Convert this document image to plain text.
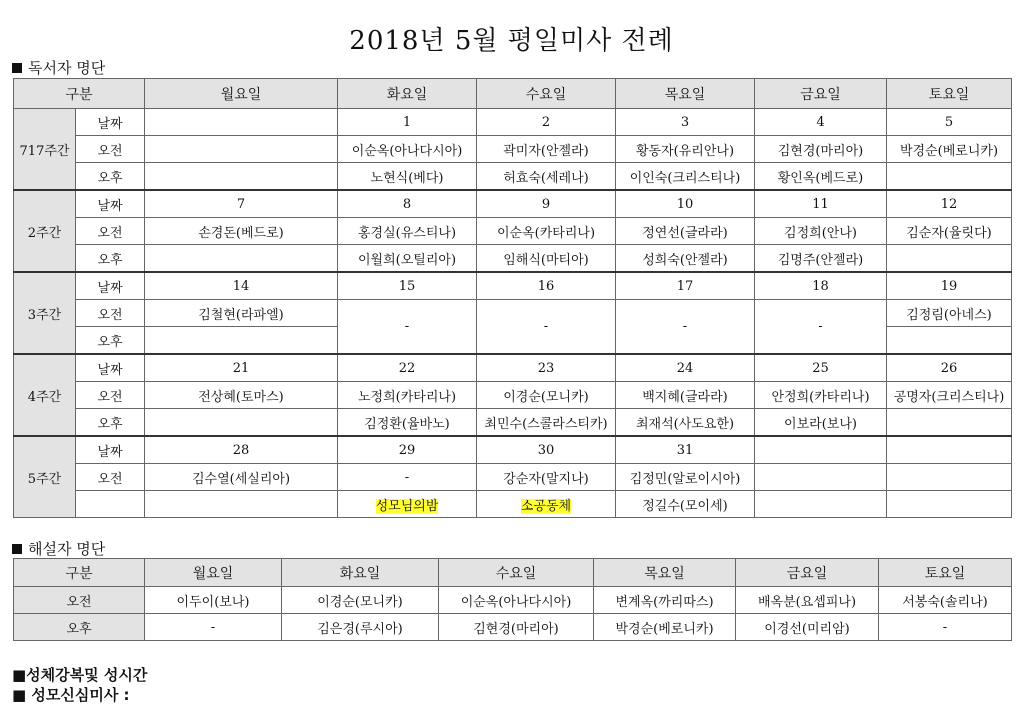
2018년 5월 평일미사 전례
독서자 명단
구분		월요일	화요일	수요일	목요일	금요일	토요일
717주간	날짜		1	2	3	4	5
	오전		이순옥(아나다시아)	곽미자(안젤라)	황동자(유리안나)	김현경(마리아)	박경순(베로니카)
	오후		노현식(베다)	허효숙(세레나)	이인숙(크리스티나)	황인옥(베드로)	
2주간	날짜	7	8	9	10	11	12
	오전	손경돈(베드로)	홍경실(유스티나)	이순옥(카타리나)	정연선(글라라)	김정희(안나)	김순자(율릿다)
	오후		이월희(오틸리아)	임해식(마티아)	성희숙(안젤라)	김명주(안젤라)	
3주간	날짜	14	15	16	17	18	19
	오전	김철현(라파엘)	-	-	-	-	김정림(아네스)
	오후						
4주간	날짜	21	22	23	24	25	26
	오전	전상혜(토마스)	노정희(카타리나)	이경순(모니카)	백지혜(글라라)	안정희(카타리나)	공명자(크리스티나)
	오후		김정환(율바노)	최민수(스콜라스티카)	최재석(사도요한)	이보라(보나)	
5주간	날짜	28	29	30	31		
	오전	김수열(세실리아)	-	강순자(말지나)	김정민(알로이시아)		
			성모님의밤	소공동체	정길수(모이세)		
해설자 명단
구분	월요일	화요일	수요일	목요일	금요일	토요일
오전	이두이(보나)	이경순(모니카)	이순옥(아나다시아)	변계옥(까리따스)	배옥분(요셉피나)	서봉숙(솔리나)
오후	-	김은경(루시아)	김현경(마리아)	박경순(베로니카)	이경선(미리암)	-
■성체강복및 성시간
■ 성모신심미사 :
